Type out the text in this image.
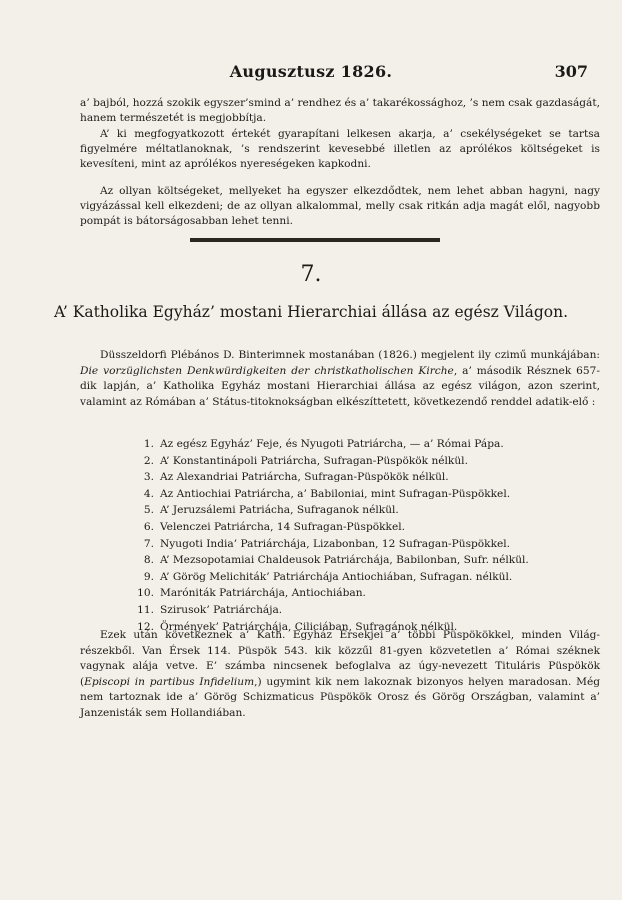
Augusztusz 1826.	307
a’ bajból, hozzá szokik egyszer’smind a’ rendhez és a’ takarékossághoz, ’s nem csak gazdaságát, hanem természetét is megjobbítja.
A’ ki megfogyatkozott értekét gyarapítani lelkesen akarja, a’ csekélységeket se tartsa figyelmére méltatlanoknak, ’s rendszerint kevesebbé illetlen az aprólékos költségeket is kevesíteni, mint az aprólékos nyereségeken kapkodni.
Az ollyan költségeket, mellyeket ha egyszer elkezdődtek, nem lehet abban hagyni, nagy vigyázással kell elkezdeni; de az ollyan alkalommal, melly csak ritkán adja magát elől, nagyobb pompát is bátorságosabban lehet tenni.
7.
A’ Katholika Egyház’ mostani Hierarchiai állása az egész Világon.
Düsszeldorfi Plébános D. Binterimnek mostanában (1826.) megjelent ily czimű munkájában: Die vorzüglichsten Denkwürdigkeiten der christkatholischen Kirche, a’ második Résznek 657-dik lapján, a’ Katholika Egyház mostani Hierarchiai állása az egész világon, azon szerint, valamint az Rómában a’ Státus-titoknokságban elkészíttetett, következendő renddel adatik-elő :
1. Az egész Egyház’ Feje, és Nyugoti Patriárcha, — a’ Római Pápa.
2. A’ Konstantinápoli Patriárcha, Sufragan-Püspökök nélkül.
3. Az Alexandriai Patriárcha, Sufragan-Püspökök nélkül.
4. Az Antiochiai Patriárcha, a’ Babiloniai, mint Sufragan-Püspökkel.
5. A’ Jeruzsálemi Patriácha, Sufraganok nélkül.
6. Velenczei Patriárcha, 14 Sufragan-Püspökkel.
7. Nyugoti India’ Patriárchája, Lizabonban, 12 Sufragan-Püspökkel.
8. A’ Mezsopotamiai Chaldeusok Patriárchája, Babilonban, Sufr. nélkül.
9. A’ Görög Melichiták’ Patriárchája Antiochiában, Sufragan. nélkül.
10. Maróniták Patriárchája, Antiochiában.
11. Szirusok’ Patriárchája.
12. Örmények’ Patriárchája, Ciliciában, Sufragánok nélkül.
Ezek után következnek a’ Kath. Egyház Érsekjei a’ többi Püspökökkel, minden Világ-részekből. Van Érsek 114. Püspök 543. kik közzűl 81-gyen közvetetlen a’ Római széknek vagynak alája vetve. E’ számba nincsenek befoglalva az úgy-nevezett Tituláris Püspökök (Episcopi in partibus Infidelium,) ugymint kik nem lakoznak bizonyos helyen maradosan. Még nem tartoznak ide a’ Görög Schizmaticus Püspökök Orosz és Görög Országban, valamint a’ Janzenisták sem Hollandiában.
